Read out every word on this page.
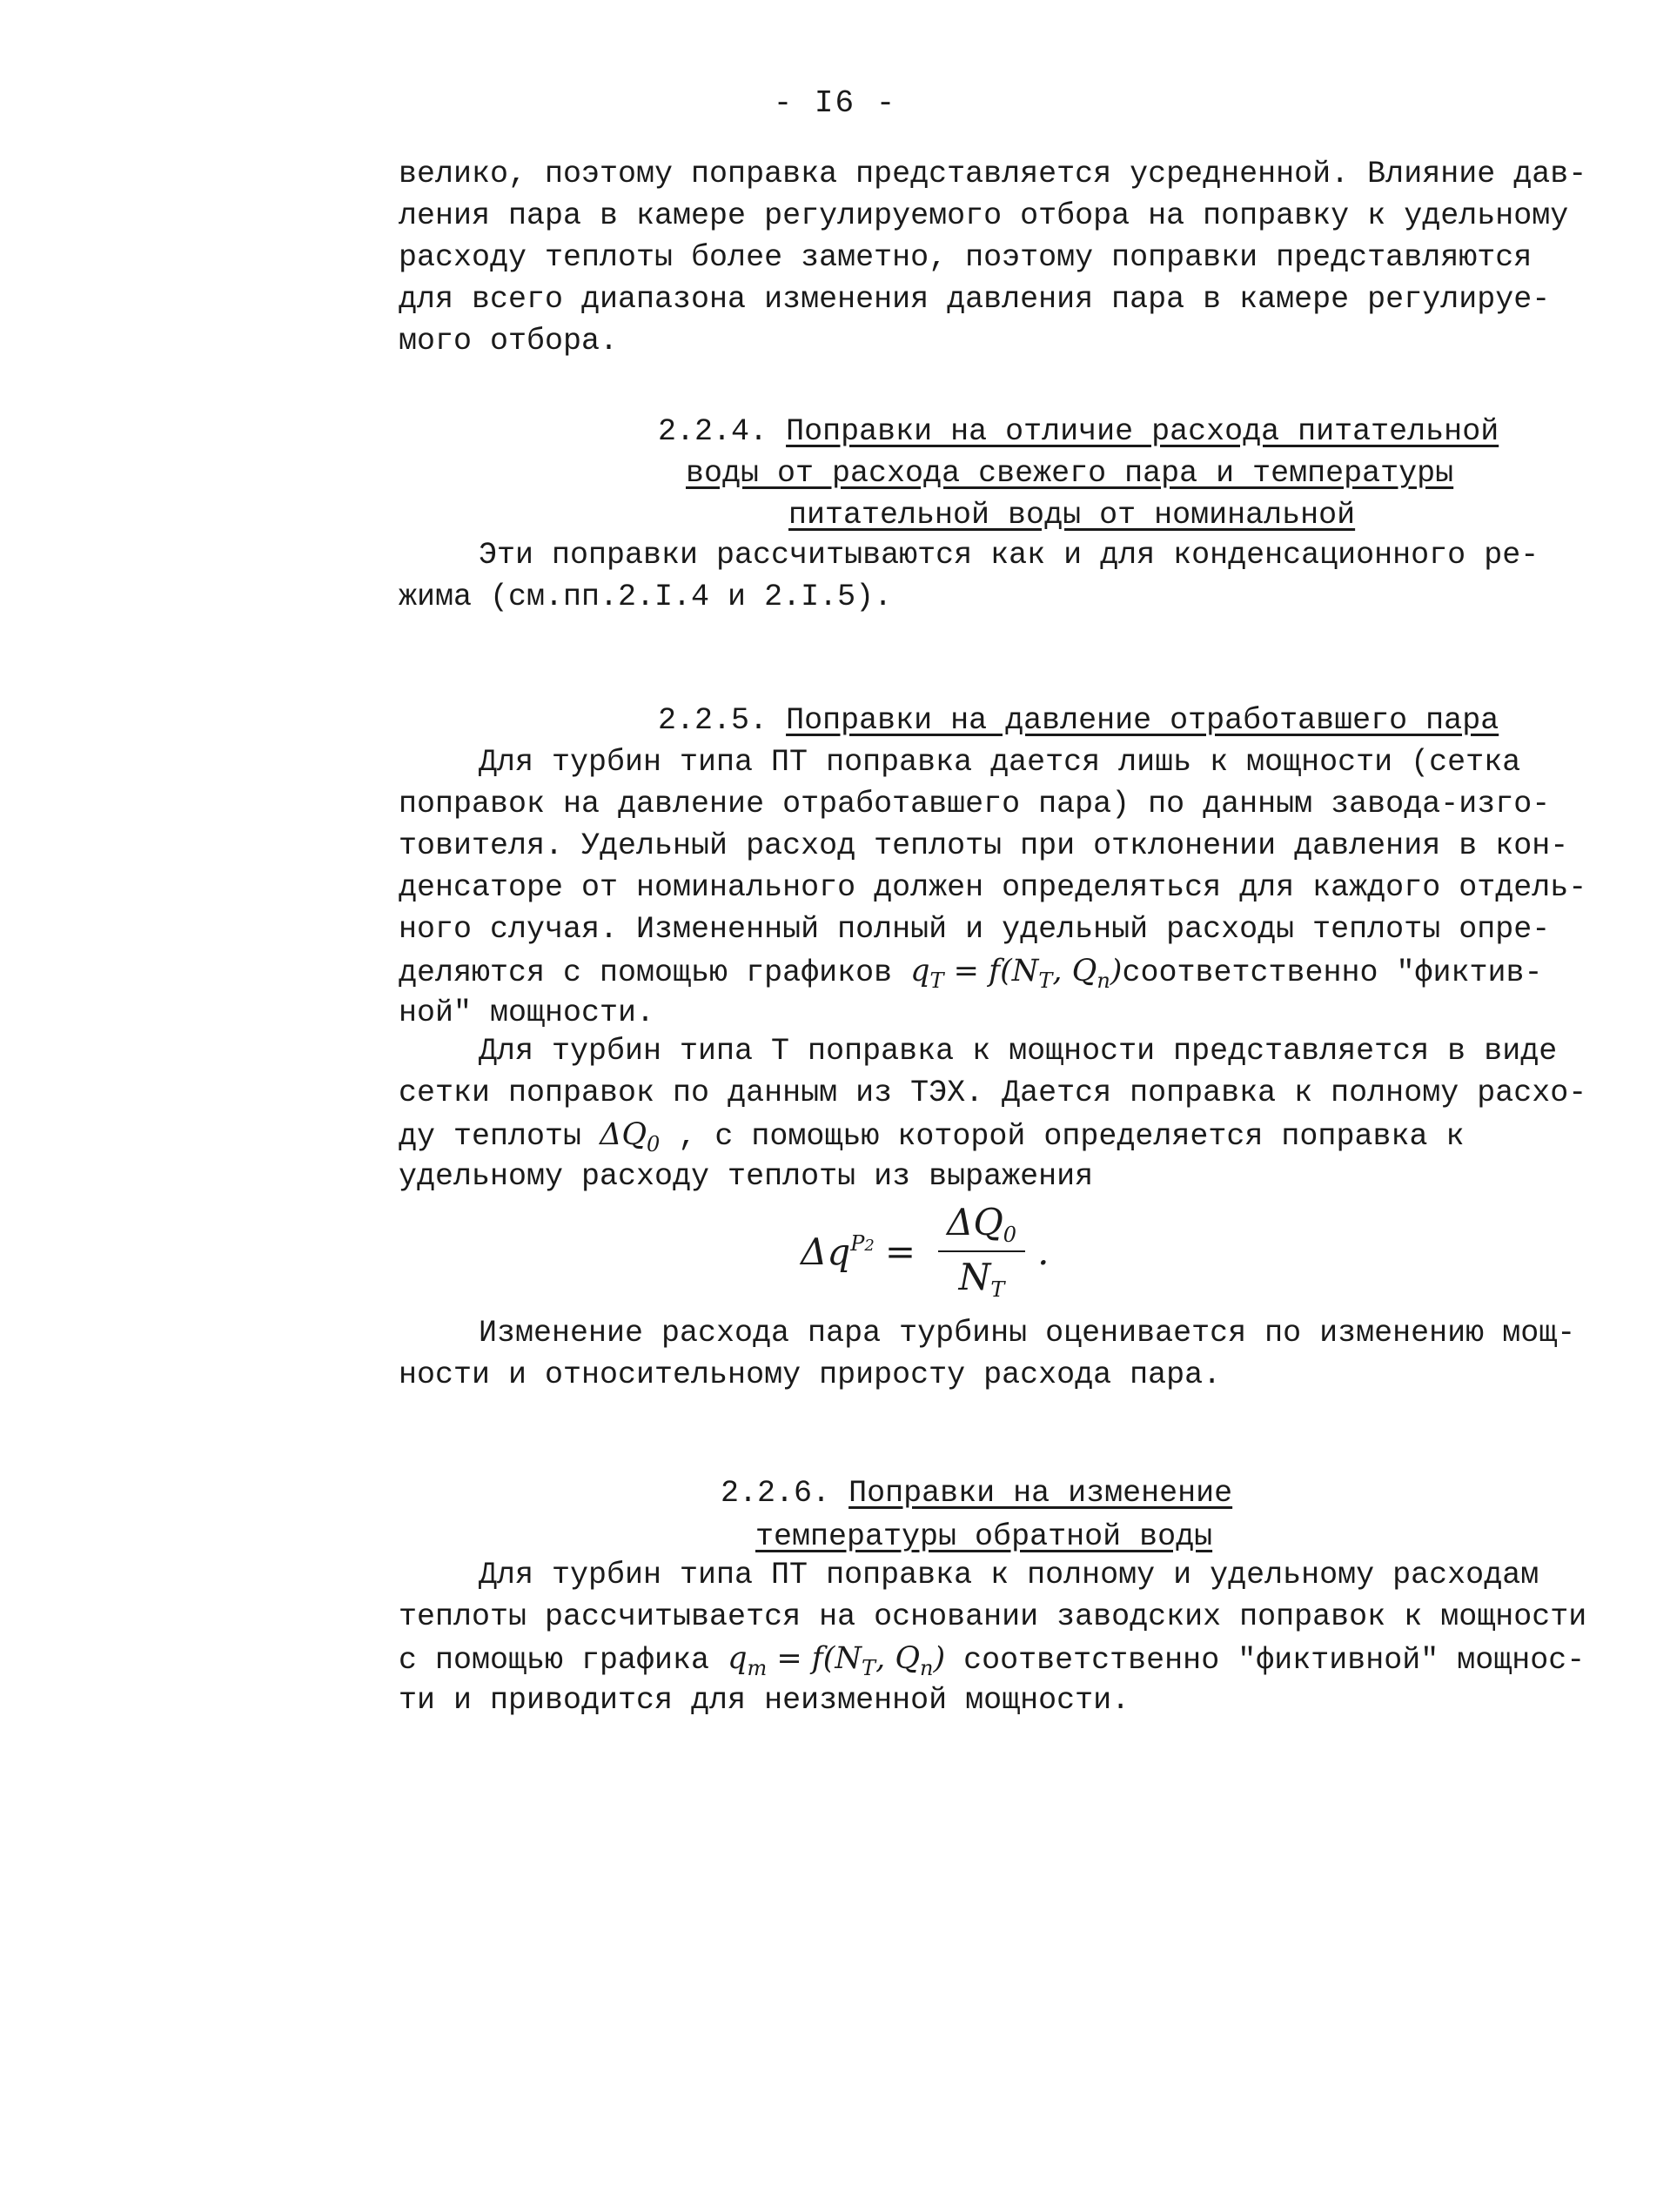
- I6 -
велико, поэтому поправка представляется усредненной. Влияние дав-
ления пара в камере регулируемого отбора на поправку к удельному
расходу теплоты более заметно, поэтому поправки представляются
для всего диапазона изменения давления пара в камере регулируе-
мого отбора.

2.2.4. Поправки на отличие расхода питательной

воды от расхода свежего пара и температуры

питательной воды от номинальной

Эти поправки рассчитываются как и для конденсационного ре-
жима (см.пп.2.I.4 и 2.I.5).

2.2.5. Поправки на давление отработавшего пара

Для турбин типа ПТ поправка дается лишь к мощности (сетка
поправок на давление отработавшего пара) по данным завода-изго-
товителя. Удельный расход теплоты при отклонении давления в кон-
денсаторе от номинального должен определяться для каждого отдель-
ного случая. Измененный полный и удельный расходы теплоты опре-
деляются с помощью графиков $q_T = f(N_T$, $Q_п)соответственно$ "фиктив-
ной" мощности.
Для турбин типа Т поправка к мощности представляется в виде
сетки поправок по данным из ТЭХ. Дается поправка к полному расхо-
ду теплоты $\Delta Q_0$ , с помощью которой определяется поправка к
удельному расходу теплоты из выражения
$\Delta q^{P2} = \frac{\Delta Q_0}{N_T}$ .
Изменение расхода пара турбины оценивается по изменению мощ-
ности и относительному приросту расхода пара.

2.2.6. Поправки на изменение

температуры обратной воды

Для турбин типа ПТ поправка к полному и удельному расходам
теплоты рассчитывается на основании заводских поправок к мощности
с помощью графика $q_т = f(N_T$, $Q_п$) соответственно "фиктивной" мощнос-
ти и приводится для неизменной мощности.
